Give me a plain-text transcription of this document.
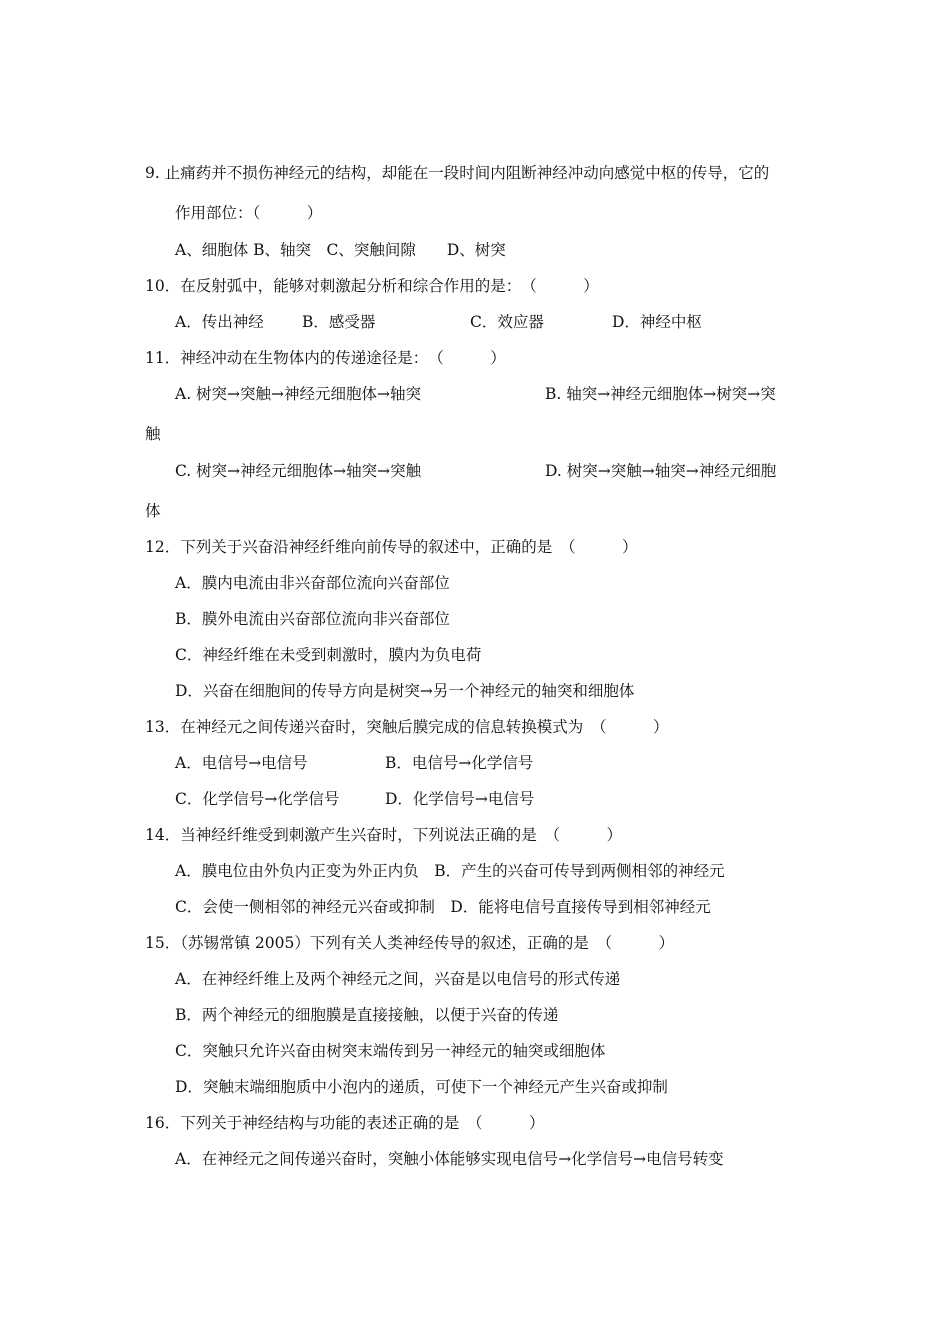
9. 止痛药并不损伤神经元的结构，却能在一段时间内阻断神经冲动向感觉中枢的传导，它的
作用部位：（　　　）
A、细胞体 B、轴突　C、突触间隙　　D、树突
10．在反射弧中，能够对刺激起分析和综合作用的是：　（　　　）
A．传出神经 B．感受器	C．效应器	D．神经中枢
11．神经冲动在生物体内的传递途径是：　（　　　）
A. 树突→突触→神经元细胞体→轴突	B. 轴突→神经元细胞体→树突→突
触
C. 树突→神经元细胞体→轴突→突触	D. 树突→突触→轴突→神经元细胞
体
12．下列关于兴奋沿神经纤维向前传导的叙述中，正确的是　（　　　）
A．膜内电流由非兴奋部位流向兴奋部位
B．膜外电流由兴奋部位流向非兴奋部位
C．神经纤维在未受到刺激时，膜内为负电荷
D．兴奋在细胞间的传导方向是树突→另一个神经元的轴突和细胞体
13．在神经元之间传递兴奋时，突触后膜完成的信息转换模式为　（　　　）
A．电信号→电信号	B．电信号→化学信号
C．化学信号→化学信号	D．化学信号→电信号
14．当神经纤维受到刺激产生兴奋时，下列说法正确的是　（　　　）
A．膜电位由外负内正变为外正内负　B．产生的兴奋可传导到两侧相邻的神经元
C．会使一侧相邻的神经元兴奋或抑制　D．能将电信号直接传导到相邻神经元
15．（苏锡常镇 2005）下列有关人类神经传导的叙述，正确的是　（　　　）
A．在神经纤维上及两个神经元之间，兴奋是以电信号的形式传递
B．两个神经元的细胞膜是直接接触，以便于兴奋的传递
C．突触只允许兴奋由树突末端传到另一神经元的轴突或细胞体
D．突触末端细胞质中小泡内的递质，可使下一个神经元产生兴奋或抑制
16．下列关于神经结构与功能的表述正确的是　（　　　）
A．在神经元之间传递兴奋时，突触小体能够实现电信号→化学信号→电信号转变
